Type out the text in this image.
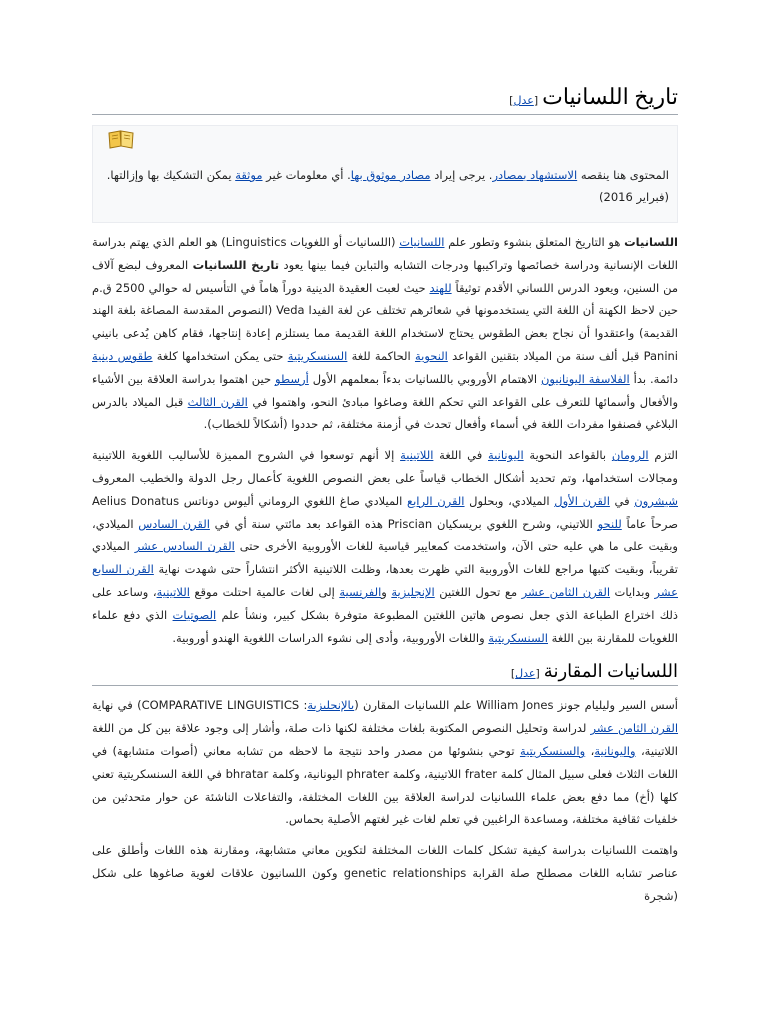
تاريخ اللسانيات
[عدل]
المحتوى هنا ينقصه الاستشهاد بمصادر. يرجى إيراد مصادر موثوق بها. أي معلومات غير موثقة يمكن التشكيك بها وإزالتها. (فبراير 2016)

اللسانيات هو التاريخ المتعلق بنشوء وتطور علم اللسانيات (اللسانيات أو اللغويات Linguistics) هو العلم الذي يهتم بدراسة اللغات الإنسانية ودراسة خصائصها وتراكيبها ودرجات التشابه والتباين فيما بينها يعود تاريخ اللسانيات المعروف لبضع آلاف من السنين، ويعود الدرس اللساني الأقدم توثيقاً للهند حيث لعبت العقيدة الدينية دوراً هاماً في التأسيس له حوالي 2500 ق.م حين لاحظ الكهنة أن اللغة التي يستخدمونها في شعائرهم تختلف عن لغة الفيدا Veda (النصوص المقدسة المصاغة بلغة الهند القديمة) واعتقدوا أن نجاح بعض الطقوس يحتاج لاستخدام اللغة القديمة مما يستلزم إعادة إنتاجها، فقام كاهن يُدعى بانيني Panini قبل ألف سنة من الميلاد بتقنين القواعد النحوية الحاكمة للغة السنسكريتية حتى يمكن استخدامها كلغة طقوس دينية دائمة. بدأ الفلاسفة اليونانيون الاهتمام الأوروبي باللسانيات بدءاً بمعلمهم الأول أرسطو حين اهتموا بدراسة العلاقة بين الأشياء والأفعال وأسمائها للتعرف على القواعد التي تحكم اللغة وصاغوا مبادئ النحو، واهتموا في القرن الثالث قبل الميلاد بالدرس البلاغي فصنفوا مفردات اللغة في أسماء وأفعال تحدث في أزمنة مختلفة، ثم حددوا (أشكالاً للخطاب).

التزم الرومان بالقواعد النحوية اليونانية في اللغة اللاتينية إلا أنهم توسعوا في الشروح المميزة للأساليب اللغوية اللاتينية ومجالات استخدامها، وتم تحديد أشكال الخطاب قياساً على بعض النصوص اللغوية كأعمال رجل الدولة والخطيب المعروف شيشرون في القرن الأول الميلادي، وبحلول القرن الرابع الميلادي صاغ اللغوي الروماني أليوس دوناتس Aelius Donatus صرحاً عاماً للنحو اللاتيني، وشرح اللغوي بريسكيان Priscian هذه القواعد بعد مائتي سنة أي في القرن السادس الميلادي، وبقيت على ما هي عليه حتى الآن، واستخدمت كمعايير قياسية للغات الأوروبية الأخرى حتى القرن السادس عشر الميلادي تقريباً، وبقيت كتبها مراجع للغات الأوروبية التي ظهرت بعدها، وظلت اللاتينية الأكثر انتشاراً حتى شهدت نهاية القرن السابع عشر وبدايات القرن الثامن عشر مع تحول اللغتين الإنجليزية والفرنسية إلى لغات عالمية احتلت موقع اللاتينية، وساعد على ذلك اختراع الطباعة الذي جعل نصوص هاتين اللغتين المطبوعة متوفرة بشكل كبير، ونشأ علم الصوتيات الذي دفع علماء اللغويات للمقارنة بين اللغة السنسكريتية واللغات الأوروبية، وأدى إلى نشوء الدراسات اللغوية الهندو أوروبية.

اللسانيات المقارنة
[عدل]

أسس السير وليليام جونز William Jones علم اللسانيات المقارن (بالإنجليزية: COMPARATIVE LINGUISTICS) في نهاية القرن الثامن عشر لدراسة وتحليل النصوص المكتوبة بلغات مختلفة لكنها ذات صلة، وأشار إلى وجود علاقة بين كل من اللغة اللاتينية، واليونانية، والسنسكريتية توحي بنشوئها من مصدر واحد نتيجة ما لاحظه من تشابه معاني (أصوات متشابهة) في اللغات الثلاث فعلى سبيل المثال كلمة frater اللاتينية، وكلمة phrater اليونانية، وكلمة bhratar في اللغة السنسكريتية تعني كلها (أخ) مما دفع بعض علماء اللسانيات لدراسة العلاقة بين اللغات المختلفة، والتفاعلات الناشئة عن حوار متحدثين من خلفيات ثقافية مختلفة، ومساعدة الراغبين في تعلم لغات غير لغتهم الأصلية بحماس.

واهتمت اللسانيات بدراسة كيفية تشكل كلمات اللغات المختلفة لتكوين معاني متشابهة، ومقارنة هذه اللغات وأطلق على عناصر تشابه اللغات مصطلح صلة القرابة genetic relationships وكون اللسانيون علاقات لغوية صاغوها على شكل (شجرة
